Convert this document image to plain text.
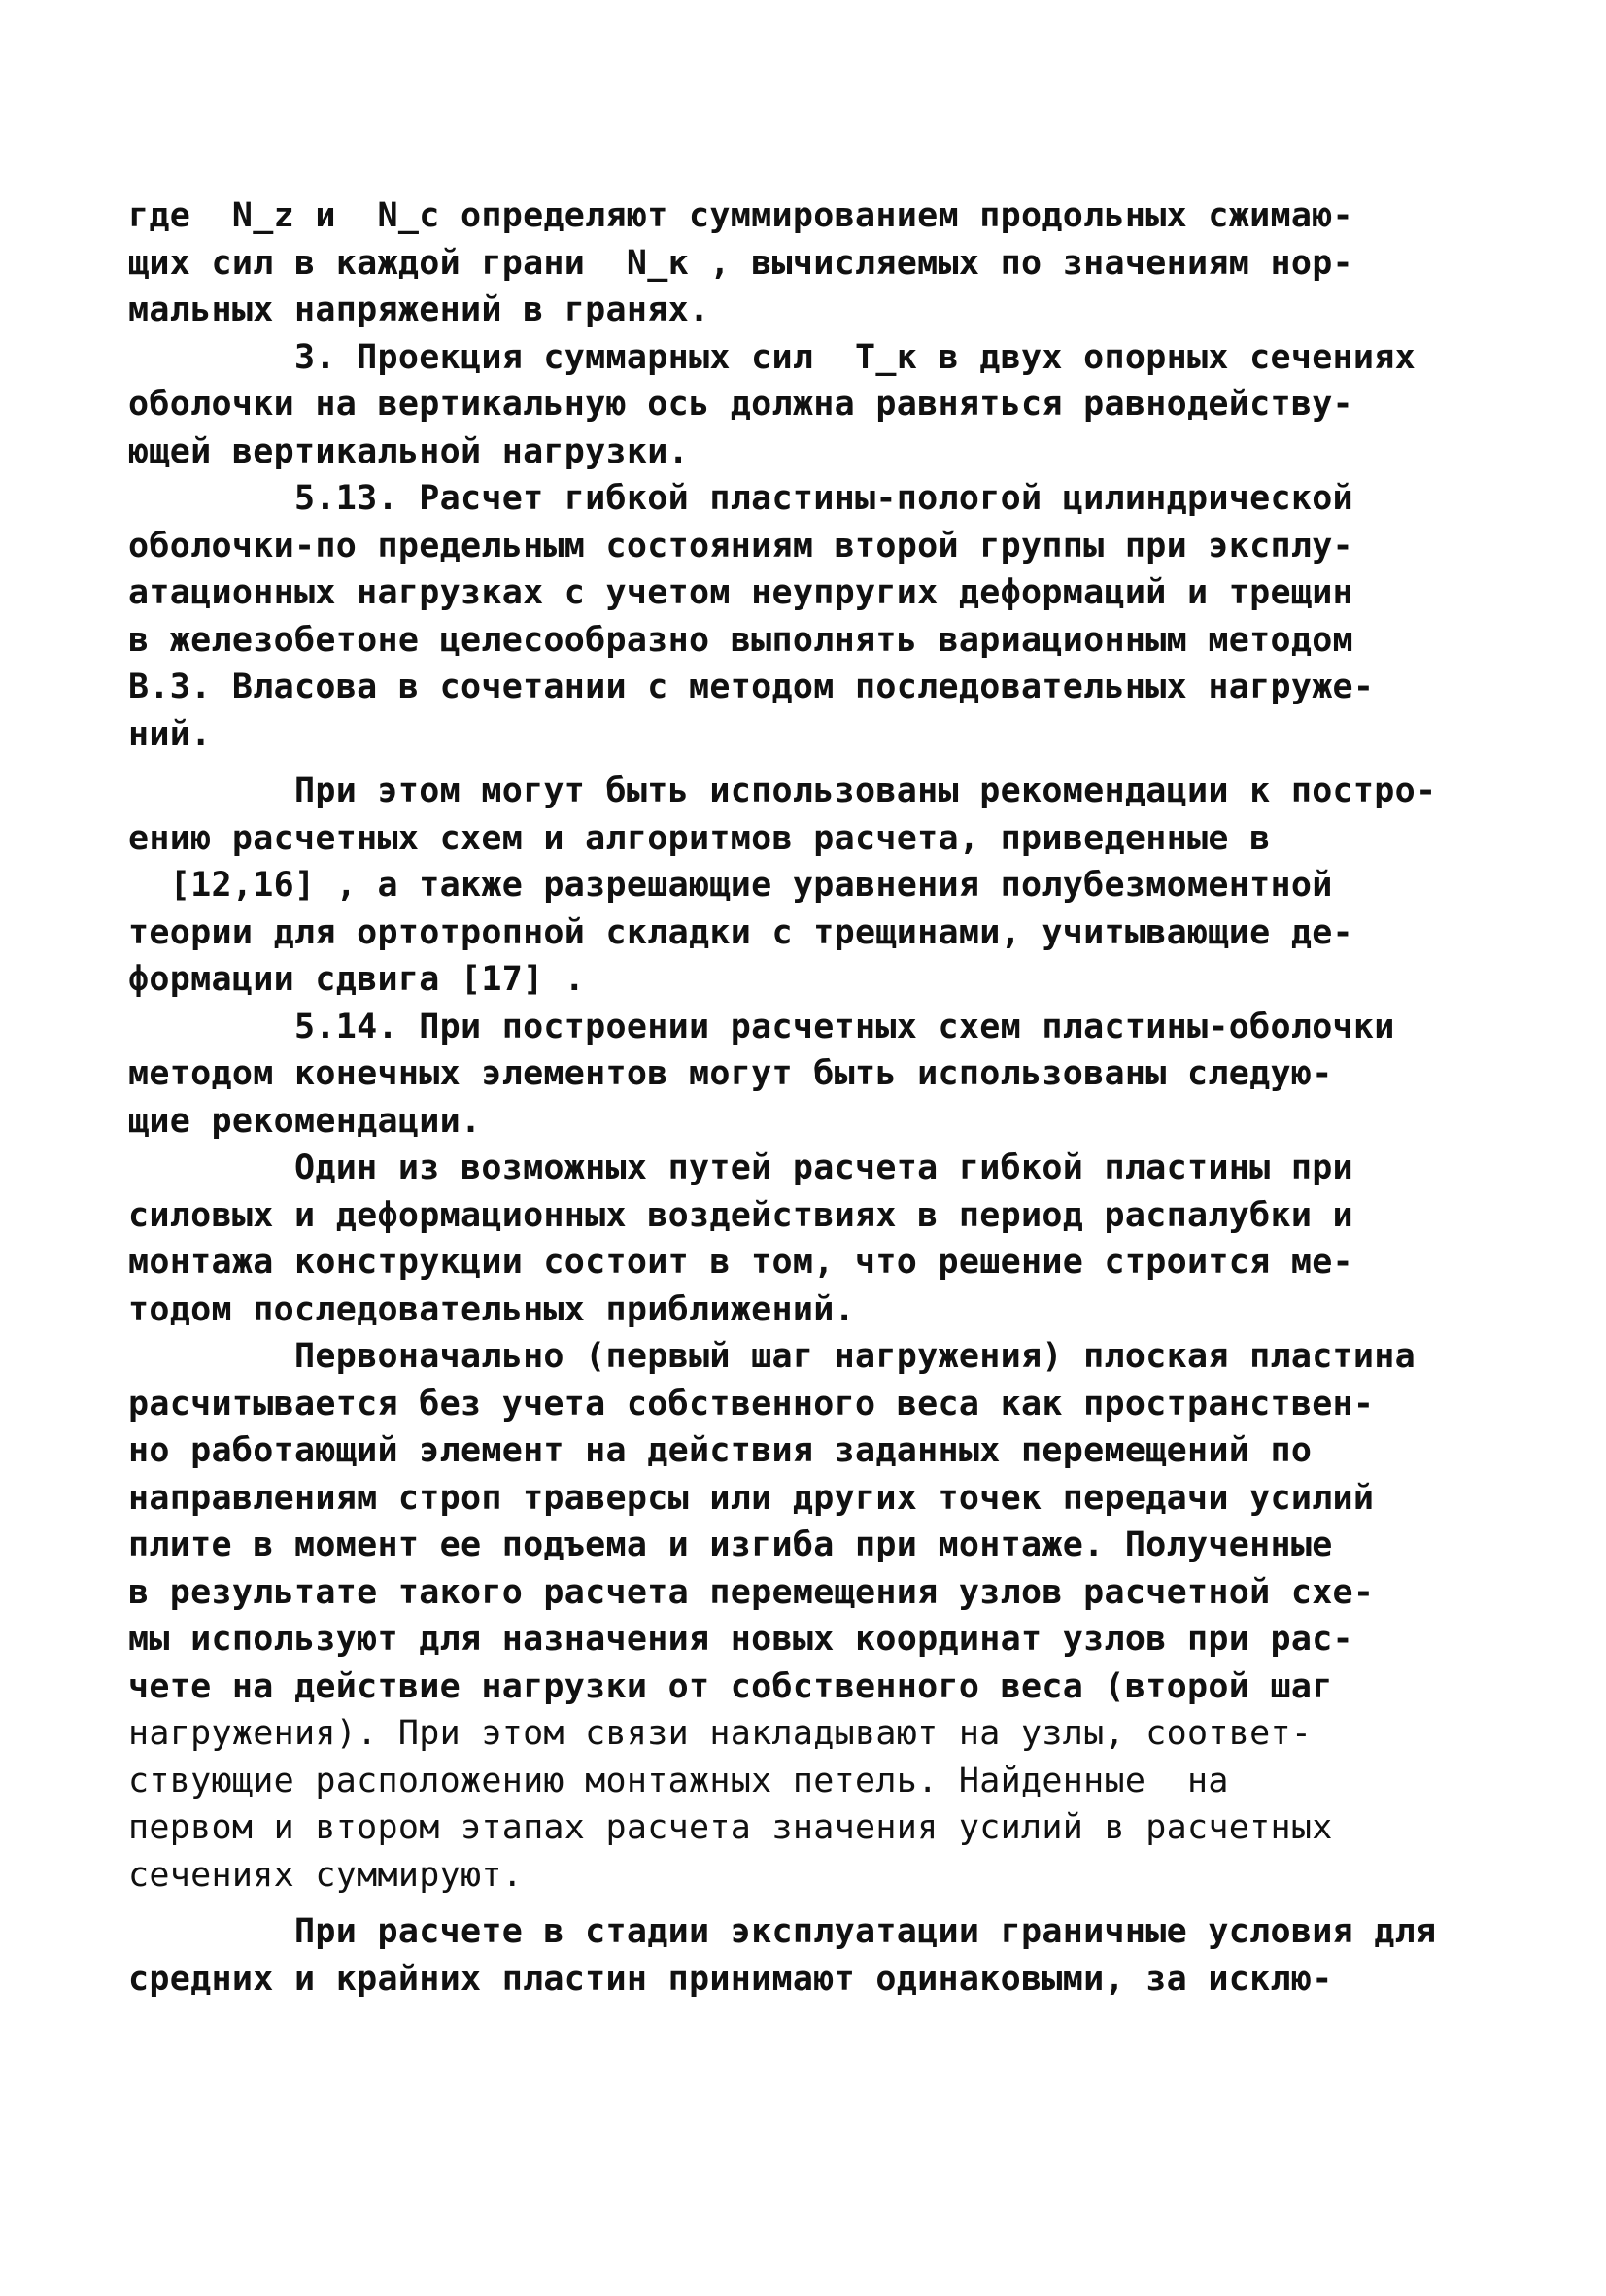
где  N_z и  N_c определяют суммированием продольных сжимаю-
щих сил в каждой грани  N_к , вычисляемых по значениям нор-
мальных напряжений в гранях.
3. Проекция суммарных сил  T_к в двух опорных сечениях
оболочки на вертикальную ось должна равняться равнодейству-
ющей вертикальной нагрузки.
5.13. Расчет гибкой пластины-пологой цилиндрической
оболочки-по предельным состояниям второй группы при эксплу-
атационных нагрузках с учетом неупругих деформаций и трещин
в железобетоне целесообразно выполнять вариационным методом
В.З. Власова в сочетании с методом последовательных нагруже-
ний.
При этом могут быть использованы рекомендации к постро-
ению расчетных схем и алгоритмов расчета, приведенные в
[12,16] , а также разрешающие уравнения полубезмоментной
теории для ортотропной складки с трещинами, учитывающие де-
формации сдвига [17] .
5.14. При построении расчетных схем пластины-оболочки
методом конечных элементов могут быть использованы следую-
щие рекомендации.
Один из возможных путей расчета гибкой пластины при
силовых и деформационных воздействиях в период распалубки и
монтажа конструкции состоит в том, что решение строится ме-
тодом последовательных приближений.
Первоначально (первый шаг нагружения) плоская пластина
расчитывается без учета собственного веса как пространствен-
но работающий элемент на действия заданных перемещений по
направлениям строп траверсы или других точек передачи усилий
плите в момент ее подъема и изгиба при монтаже. Полученные
в результате такого расчета перемещения узлов расчетной схе-
мы используют для назначения новых координат узлов при рас-
чете на действие нагрузки от собственного веса (второй шаг
нагружения). При этом связи накладывают на узлы, соответ-
ствующие расположению монтажных петель. Найденные  на
первом и втором этапах расчета значения усилий в расчетных
сечениях суммируют.
При расчете в стадии эксплуатации граничные условия для
средних и крайних пластин принимают одинаковыми, за исклю-
